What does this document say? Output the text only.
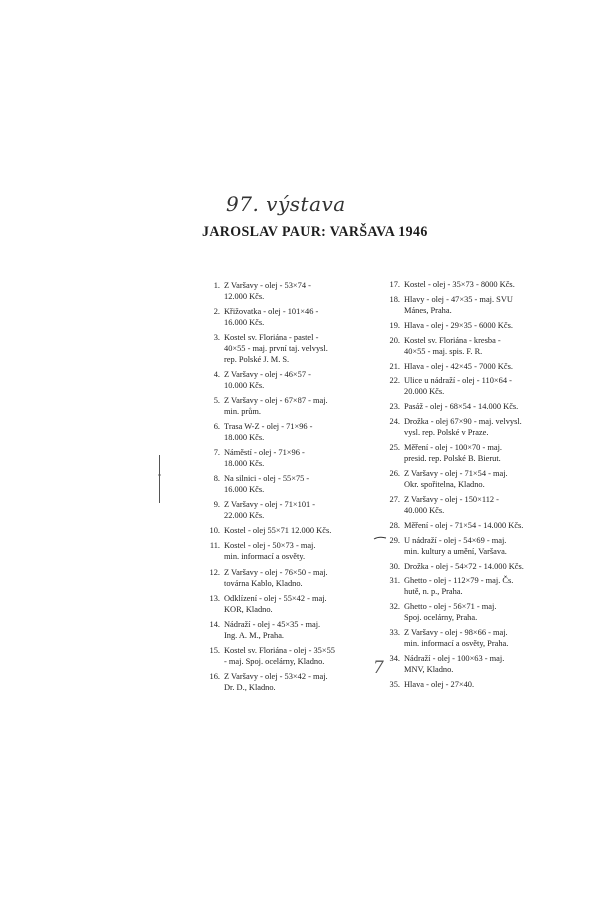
97. výstava
JAROSLAV PAUR: VARŠAVA 1946
1. Z Varšavy - olej - 53×74 -
12.000 Kčs.
2. Křižovatka - olej - 101×46 -
16.000 Kčs.
3. Kostel sv. Floriána - pastel -
40×55 - maj. první taj. velvysl.
rep. Polské J. M. S.
4. Z Varšavy - olej - 46×57 -
10.000 Kčs.
5. Z Varšavy - olej - 67×87 - maj.
min. prům.
6. Trasa W-Z - olej - 71×96 -
18.000 Kčs.
7. Náměstí - olej - 71×96 -
18.000 Kčs.
8. Na silnici - olej - 55×75 -
16.000 Kčs.
9. Z Varšavy - olej - 71×101 -
22.000 Kčs.
10. Kostel - olej 55×71 12.000 Kčs.
11. Kostel - olej - 50×73 - maj.
min. informací a osvěty.
12. Z Varšavy - olej - 76×50 - maj.
továrna Kablo, Kladno.
13. Odklízení - olej - 55×42 - maj.
KOR, Kladno.
14. Nádraží - olej - 45×35 - maj.
Ing. A. M., Praha.
15. Kostel sv. Floriána - olej - 35×55
- maj. Spoj. ocelárny, Kladno.
16. Z Varšavy - olej - 53×42 - maj.
Dr. D., Kladno.
17. Kostel - olej - 35×73 - 8000 Kčs.
18. Hlavy - olej - 47×35 - maj. SVU
Mánes, Praha.
19. Hlava - olej - 29×35 - 6000 Kčs.
20. Kostel sv. Floriána - kresba -
40×55 - maj. spis. F. R.
21. Hlava - olej - 42×45 - 7000 Kčs.
22. Ulice u nádraží - olej - 110×64 -
20.000 Kčs.
23. Pasáž - olej - 68×54 - 14.000 Kčs.
24. Drožka - olej 67×90 - maj. velvysl.
vysl. rep. Polské v Praze.
25. Měření - olej - 100×70 - maj.
presid. rep. Polské B. Bierut.
26. Z Varšavy - olej - 71×54 - maj.
Okr. spořitelna, Kladno.
27. Z Varšavy - olej - 150×112 -
40.000 Kčs.
28. Měření - olej - 71×54 - 14.000 Kčs.
29. U nádraží - olej - 54×69 - maj.
min. kultury a umění, Varšava.
30. Drožka - olej - 54×72 - 14.000 Kčs.
31. Ghetto - olej - 112×79 - maj. Čs.
hutě, n. p., Praha.
32. Ghetto - olej - 56×71 - maj.
Spoj. ocelárny, Praha.
33. Z Varšavy - olej - 98×66 - maj.
min. informací a osvěty, Praha.
34. Nádraží - olej - 100×63 - maj.
MNV, Kladno.
35. Hlava - olej - 27×40.
7
